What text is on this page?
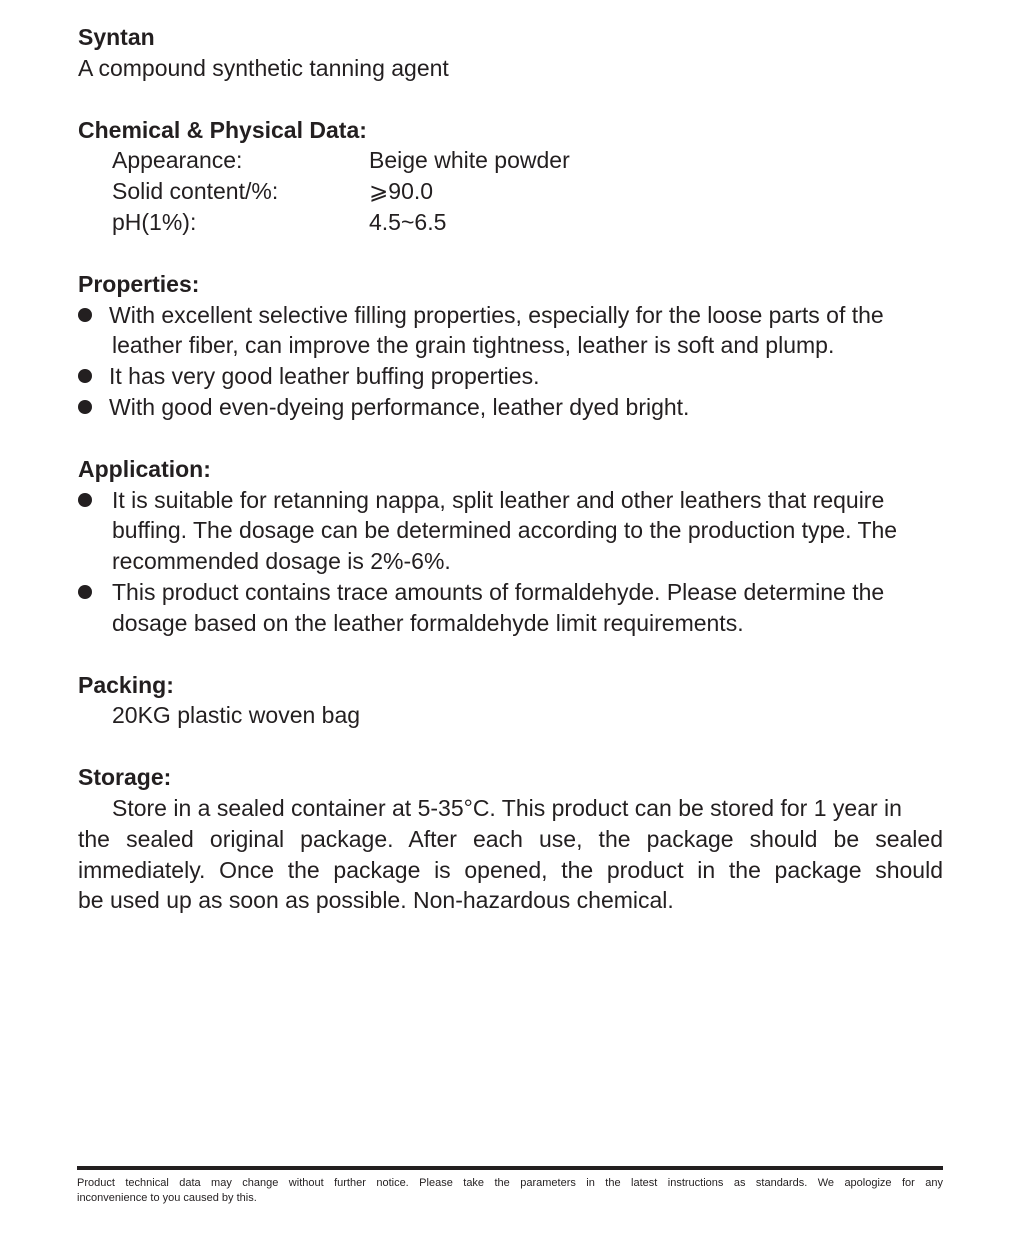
Syntan
A compound synthetic tanning agent
Chemical & Physical Data:
Appearance:	Beige white powder
Solid content/%:	⩾90.0
pH(1%):	4.5~6.5
Properties:
With excellent selective filling properties, especially for the loose parts of the
leather fiber, can improve the grain tightness, leather is soft and plump.
It has very good leather buffing properties.
With good even-dyeing performance, leather dyed bright.
Application:
It is suitable for retanning nappa, split leather and other leathers that require
buffing. The dosage can be determined according to the production type. The
recommended dosage is 2%-6%.
This product contains trace amounts of formaldehyde. Please determine the
dosage based on the leather formaldehyde limit requirements.
Packing:
20KG plastic woven bag
Storage:
Store in a sealed container at 5-35°C. This product can be stored for 1 year in
the sealed original package. After each use, the package should be sealed
immediately. Once the package is opened, the product in the package should
be used up as soon as possible. Non-hazardous chemical.
Product technical data may change without further notice. Please take the parameters in the latest instructions as standards. We apologize for any
inconvenience to you caused by this.
